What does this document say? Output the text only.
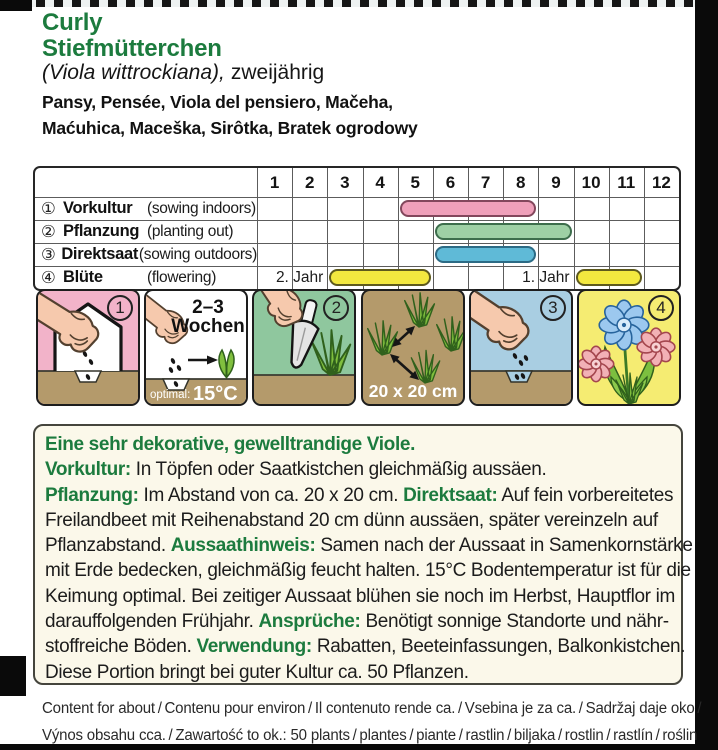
Curly
Stiefmütterchen
(Viola wittrockiana), zweijährig
Pansy, Pensée, Viola del pensiero, Mačeha,
Maćuhica, Maceška, Sirôtka, Bratek ogrodowy
1	2	3	4	5	6	7	8	9	10 11 12
① Vorkultur (sowing indoors)
② Pflanzung (planting out)
③ Direktsaat (sowing outdoors)
④ Blüte	(flowering)	2. Jahr	1. Jahr
1	2–3
Wochen
optimal: 15°C
2
20 x 20 cm
3	4
Eine sehr dekorative, gewelltrandige Viole.
Vorkultur: In Töpfen oder Saatkistchen gleichmäßig aussäen.
Pflanzung: Im Abstand von ca. 20 x 20 cm. Direktsaat: Auf fein vorbereitetes
Freilandbeet mit Reihenabstand 20 cm dünn aussäen, später vereinzeln auf
Pflanzabstand. Aussaathinweis: Samen nach der Aussaat in Samenkornstärke
mit Erde bedecken, gleichmäßig feucht halten. 15°C Bodentemperatur ist für die
Keimung optimal. Bei zeitiger Aussaat blühen sie noch im Herbst, Hauptflor im
darauffolgenden Frühjahr. Ansprüche: Benötigt sonnige Standorte und nähr-
stoffreiche Böden. Verwendung: Rabatten, Beeteinfassungen, Balkonkistchen.
Diese Portion bringt bei guter Kultur ca. 50 Pflanzen.
Content for about / Contenu pour environ / Il contenuto rende ca. / Vsebina je za ca. / Sadržaj daje oko /
Výnos obsahu cca. / Zawartość to ok.: 50 plants / plantes / piante / rastlin / biljaka / rostlin / rastlín / roślin
